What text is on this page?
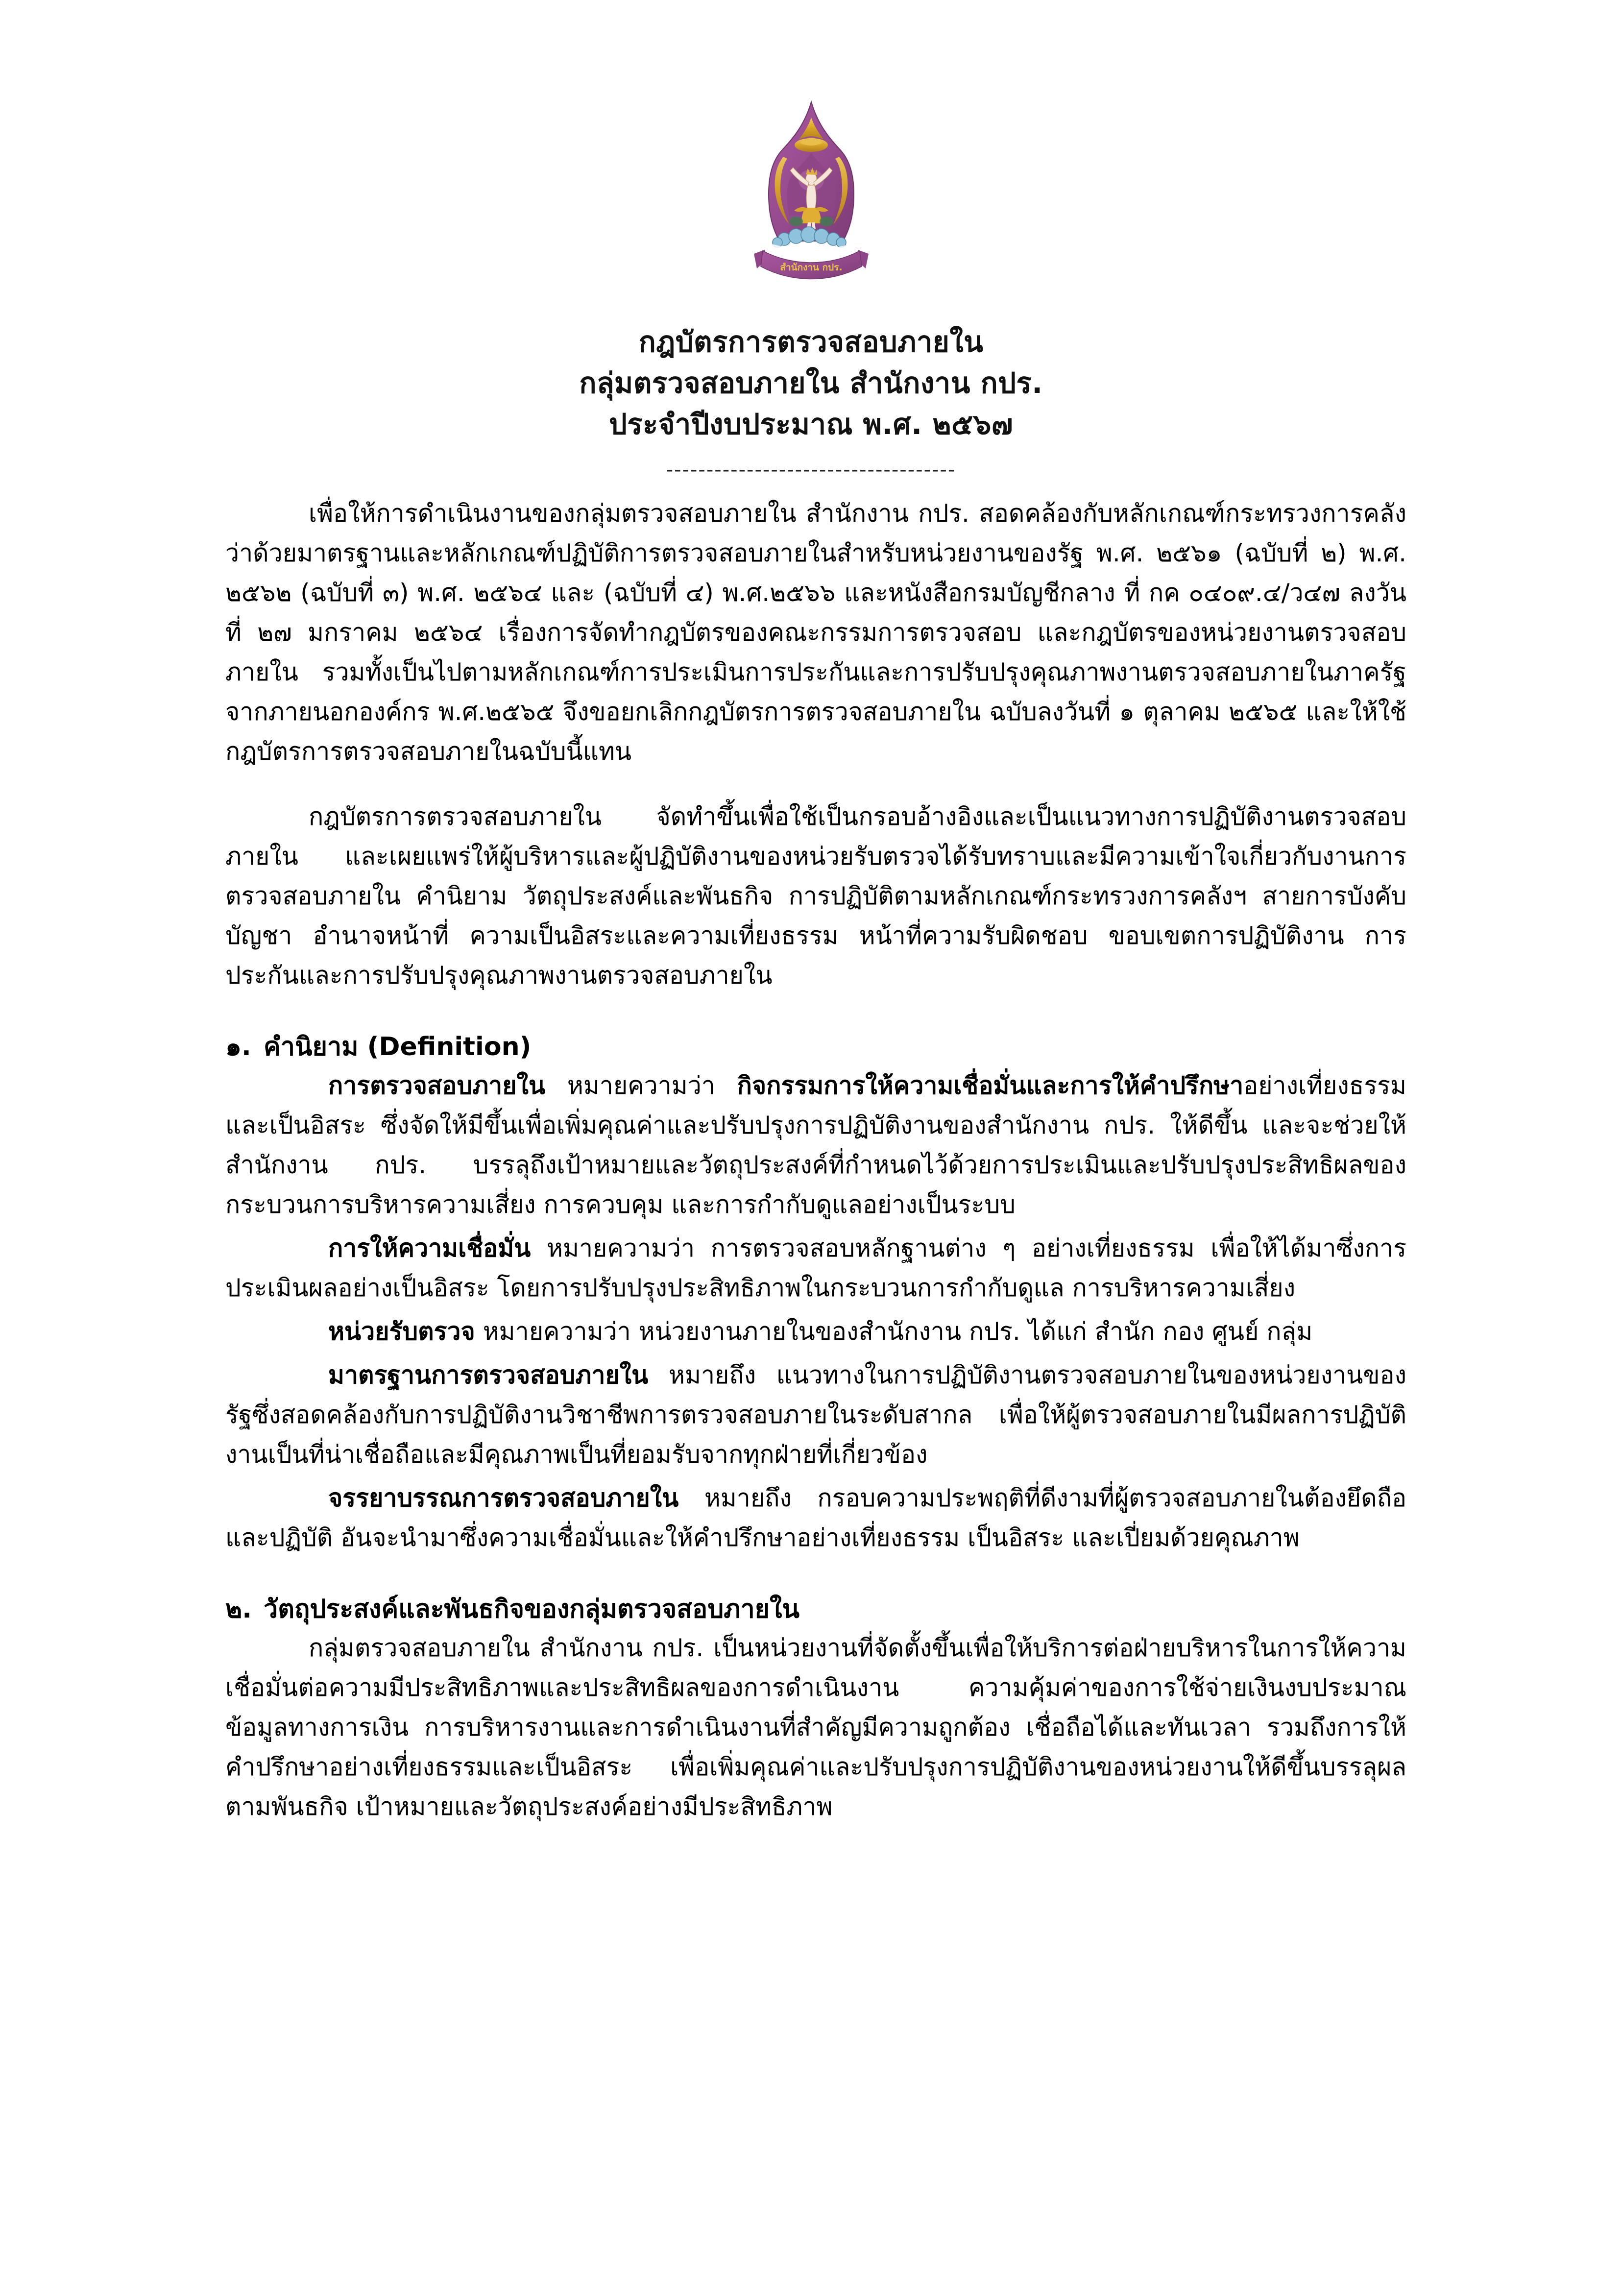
สำนักงาน กปร.
กฎบัตรการตรวจสอบภายใน
กลุ่มตรวจสอบภายใน สำนักงาน กปร.
ประจำปีงบประมาณ พ.ศ. ๒๕๖๗
------------------------------------

เพื่อให้การดำเนินงานของกลุ่มตรวจสอบภายใน สำนักงาน กปร. สอดคล้องกับหลักเกณฑ์กระทรวงการคลังว่าด้วยมาตรฐานและหลักเกณฑ์ปฏิบัติการตรวจสอบภายในสำหรับหน่วยงานของรัฐ พ.ศ. ๒๕๖๑ (ฉบับที่ ๒) พ.ศ. ๒๕๖๒ (ฉบับที่ ๓) พ.ศ. ๒๕๖๔ และ (ฉบับที่ ๔) พ.ศ.๒๕๖๖ และหนังสือกรมบัญชีกลาง ที่ กค ๐๔๐๙.๔/ว๔๗ ลงวันที่ ๒๗ มกราคม ๒๕๖๔ เรื่องการจัดทำกฎบัตรของคณะกรรมการตรวจสอบ และกฎบัตรของหน่วยงานตรวจสอบภายใน รวมทั้งเป็นไปตามหลักเกณฑ์การประเมินการประกันและการปรับปรุงคุณภาพงานตรวจสอบภายในภาครัฐจากภายนอกองค์กร พ.ศ.๒๕๖๕ จึงขอยกเลิกกฎบัตรการตรวจสอบภายใน ฉบับลงวันที่ ๑ ตุลาคม ๒๕๖๕ และให้ใช้กฎบัตรการตรวจสอบภายในฉบับนี้แทน

กฎบัตรการตรวจสอบภายใน จัดทำขึ้นเพื่อใช้เป็นกรอบอ้างอิงและเป็นแนวทางการปฏิบัติงานตรวจสอบภายใน และเผยแพร่ให้ผู้บริหารและผู้ปฏิบัติงานของหน่วยรับตรวจได้รับทราบและมีความเข้าใจเกี่ยวกับงานการตรวจสอบภายใน คำนิยาม วัตถุประสงค์และพันธกิจ การปฏิบัติตามหลักเกณฑ์กระทรวงการคลังฯ สายการบังคับบัญชา อำนาจหน้าที่ ความเป็นอิสระและความเที่ยงธรรม หน้าที่ความรับผิดชอบ ขอบเขตการปฏิบัติงาน การประกันและการปรับปรุงคุณภาพงานตรวจสอบภายใน

๑. คำนิยาม (Definition)

การตรวจสอบภายใน หมายความว่า กิจกรรมการให้ความเชื่อมั่นและการให้คำปรึกษาอย่างเที่ยงธรรมและเป็นอิสระ ซึ่งจัดให้มีขึ้นเพื่อเพิ่มคุณค่าและปรับปรุงการปฏิบัติงานของสำนักงาน กปร. ให้ดีขึ้น และจะช่วยให้สำนักงาน กปร. บรรลุถึงเป้าหมายและวัตถุประสงค์ที่กำหนดไว้ด้วยการประเมินและปรับปรุงประสิทธิผลของกระบวนการบริหารความเสี่ยง การควบคุม และการกำกับดูแลอย่างเป็นระบบ

การให้ความเชื่อมั่น หมายความว่า การตรวจสอบหลักฐานต่าง ๆ อย่างเที่ยงธรรม เพื่อให้ได้มาซึ่งการประเมินผลอย่างเป็นอิสระ โดยการปรับปรุงประสิทธิภาพในกระบวนการกำกับดูแล การบริหารความเสี่ยง

หน่วยรับตรวจ หมายความว่า หน่วยงานภายในของสำนักงาน กปร. ได้แก่ สำนัก กอง ศูนย์ กลุ่ม

มาตรฐานการตรวจสอบภายใน หมายถึง แนวทางในการปฏิบัติงานตรวจสอบภายในของหน่วยงานของรัฐซึ่งสอดคล้องกับการปฏิบัติงานวิชาชีพการตรวจสอบภายในระดับสากล เพื่อให้ผู้ตรวจสอบภายในมีผลการปฏิบัติงานเป็นที่น่าเชื่อถือและมีคุณภาพเป็นที่ยอมรับจากทุกฝ่ายที่เกี่ยวข้อง

จรรยาบรรณการตรวจสอบภายใน หมายถึง กรอบความประพฤติที่ดีงามที่ผู้ตรวจสอบภายในต้องยึดถือและปฏิบัติ อันจะนำมาซึ่งความเชื่อมั่นและให้คำปรึกษาอย่างเที่ยงธรรม เป็นอิสระ และเปี่ยมด้วยคุณภาพ

๒. วัตถุประสงค์และพันธกิจของกลุ่มตรวจสอบภายใน

กลุ่มตรวจสอบภายใน สำนักงาน กปร. เป็นหน่วยงานที่จัดตั้งขึ้นเพื่อให้บริการต่อฝ่ายบริหารในการให้ความเชื่อมั่นต่อความมีประสิทธิภาพและประสิทธิผลของการดำเนินงาน ความคุ้มค่าของการใช้จ่ายเงินงบประมาณ ข้อมูลทางการเงิน การบริหารงานและการดำเนินงานที่สำคัญมีความถูกต้อง เชื่อถือได้และทันเวลา รวมถึงการให้คำปรึกษาอย่างเที่ยงธรรมและเป็นอิสระ เพื่อเพิ่มคุณค่าและปรับปรุงการปฏิบัติงานของหน่วยงานให้ดีขึ้นบรรลุผลตามพันธกิจ เป้าหมายและวัตถุประสงค์อย่างมีประสิทธิภาพ
